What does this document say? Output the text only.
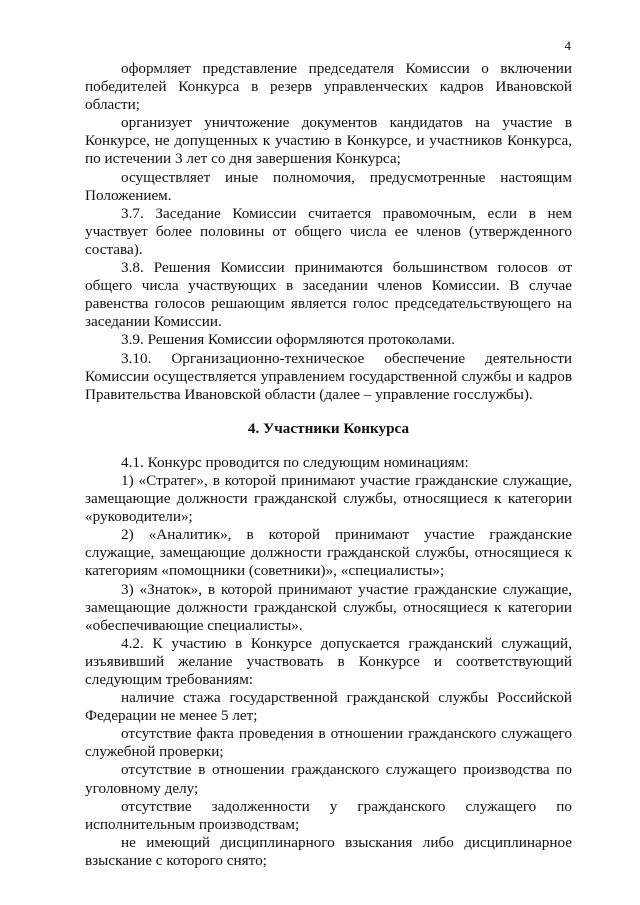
4

оформляет представление председателя Комиссии о включении победителей Конкурса в резерв управленческих кадров Ивановской области;

организует уничтожение документов кандидатов на участие в Конкурсе, не допущенных к участию в Конкурсе, и участников Конкурса, по истечении 3 лет со дня завершения Конкурса;

осуществляет иные полномочия, предусмотренные настоящим Положением.

3.7. Заседание Комиссии считается правомочным, если в нем участвует более половины от общего числа ее членов (утвержденного состава).

3.8. Решения Комиссии принимаются большинством голосов от общего числа участвующих в заседании членов Комиссии. В случае равенства голосов решающим является голос председательствующего на заседании Комиссии.

3.9. Решения Комиссии оформляются протоколами.

3.10. Организационно-техническое обеспечение деятельности Комиссии осуществляется управлением государственной службы и кадров Правительства Ивановской области (далее – управление госслужбы).

4. Участники Конкурса

4.1. Конкурс проводится по следующим номинациям:

1) «Стратег», в которой принимают участие гражданские служащие, замещающие должности гражданской службы, относящиеся к категории «руководители»;

2) «Аналитик», в которой принимают участие гражданские служащие, замещающие должности гражданской службы, относящиеся к категориям «помощники (советники)», «специалисты»;

3) «Знаток», в которой принимают участие гражданские служащие, замещающие должности гражданской службы, относящиеся к категории «обеспечивающие специалисты».

4.2. К участию в Конкурсе допускается гражданский служащий, изъявивший желание участвовать в Конкурсе и соответствующий следующим требованиям:

наличие стажа государственной гражданской службы Российской Федерации не менее 5 лет;

отсутствие факта проведения в отношении гражданского служащего служебной проверки;

отсутствие в отношении гражданского служащего производства по уголовному делу;

отсутствие задолженности у гражданского служащего по исполнительным производствам;

не имеющий дисциплинарного взыскания либо дисциплинарное взыскание с которого снято;
